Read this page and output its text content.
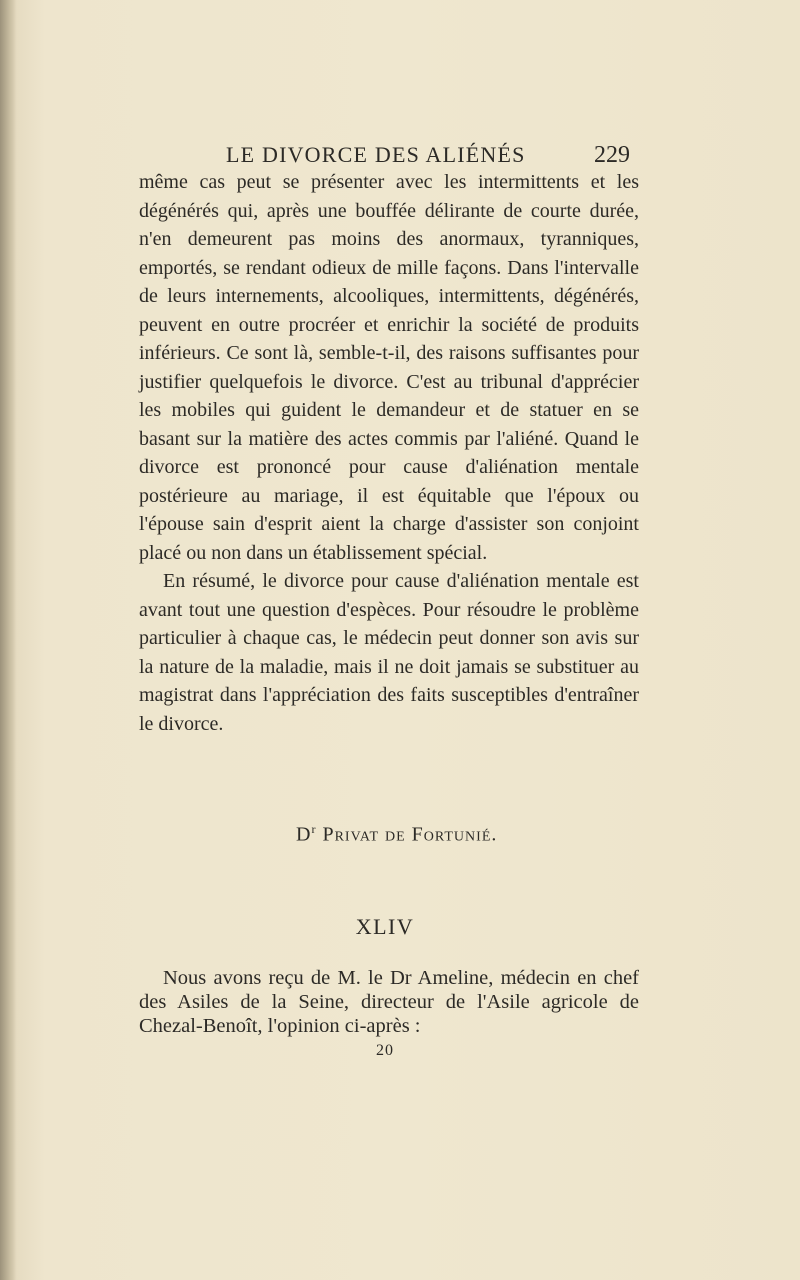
LE DIVORCE DES ALIÉNÉS	229

même cas peut se présenter avec les intermittents et les dégénérés qui, après une bouffée délirante de courte durée, n'en demeurent pas moins des anormaux, tyranniques, emportés, se rendant odieux de mille façons. Dans l'intervalle de leurs internements, alcooliques, intermittents, dégénérés, peuvent en outre procréer et enrichir la société de produits inférieurs. Ce sont là, semble-t-il, des raisons suffisantes pour justifier quelquefois le divorce. C'est au tribunal d'apprécier les mobiles qui guident le demandeur et de statuer en se basant sur la matière des actes commis par l'aliéné. Quand le divorce est prononcé pour cause d'aliénation mentale postérieure au mariage, il est équitable que l'époux ou l'épouse sain d'esprit aient la charge d'assister son conjoint placé ou non dans un établissement spécial.

En résumé, le divorce pour cause d'aliénation mentale est avant tout une question d'espèces. Pour résoudre le problème particulier à chaque cas, le médecin peut donner son avis sur la nature de la maladie, mais il ne doit jamais se substituer au magistrat dans l'appréciation des faits susceptibles d'entraîner le divorce.

$D^r$ Privat de Fortunié.
XLIV

Nous avons reçu de M. le Dr Ameline, médecin en chef des Asiles de la Seine, directeur de l'Asile agricole de Chezal-Benoît, l'opinion ci-après :

20
